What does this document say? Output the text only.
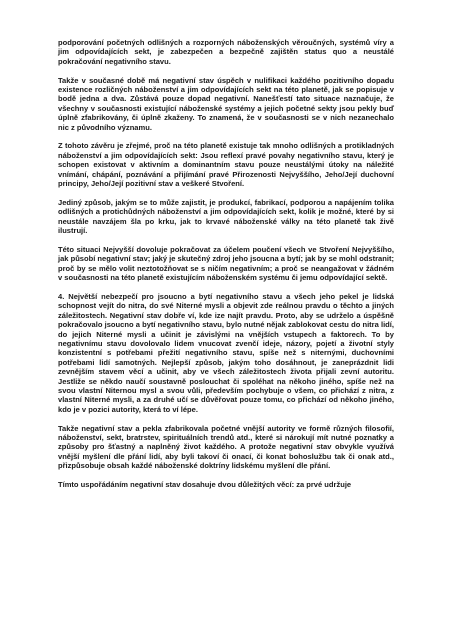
podporování početných odlišných a rozporných náboženských věroučných, systémů víry a jim odpovídajících sekt, je zabezpečen a bezpečně zajištěn status quo a neustálé pokračování negativního stavu.

Takže v současné době má negativní stav úspěch v nulifikaci každého pozitivního dopadu existence rozličných náboženství a jim odpovídajících sekt na této planetě, jak se popisuje v bodě jedna a dva. Zůstává pouze dopad negativní. Nanešťestí tato situace naznačuje, že všechny v současnosti existující náboženské systémy a jejich početné sekty jsou pekly buď úplně zfabrikovány, či úplně zkaženy. To znamená, že v současnosti se v nich nezanechalo nic z původního významu.

Z tohoto závěru je zřejmé, proč na této planetě existuje tak mnoho odlišných a protikladných náboženství a jim odpovídajících sekt: Jsou reflexí pravé povahy negativního stavu, který je schopen existovat v aktivním a dominantním stavu pouze neustálými útoky na náležité vnímání, chápání, poznávání a přijímání pravé Přirozenosti Nejvyššího, Jeho/Její duchovní principy, Jeho/Její pozitivní stav a veškeré Stvoření.

Jediný způsob, jakým se to může zajistit, je produkcí, fabrikací, podporou a napájením tolika odlišných a protichůdných náboženství a jim odpovídajících sekt, kolik je možné, které by si neustále navzájem šla po krku, jak to krvavé náboženské války na této planetě tak živě ilustrují.

Této situaci Nejvyšší dovoluje pokračovat za účelem poučení všech ve Stvoření Nejvyššího, jak působí negativní stav; jaký je skutečný zdroj jeho jsoucna a bytí; jak by se mohl odstranit; proč by se mělo volit neztotožňovat se s ničím negativním; a proč se neangažovat v žádném v současnosti na této planetě existujícím náboženském systému či jemu odpovídající sektě.

4. Největší nebezpečí pro jsoucno a bytí negativního stavu a všech jeho pekel je lidská schopnost vejít do nitra, do své Niterné mysli a objevit zde reálnou pravdu o těchto a jiných záležitostech. Negativní stav dobře ví, kde ize najít pravdu. Proto, aby se udrželo a úspěšně pokračovalo jsoucno a bytí negativního stavu, bylo nutné nějak zablokovat cestu do nitra lidí, do jejich Niterné mysli a učinit je závislými na vnějších vstupech a faktorech. To by negativnímu stavu dovolovalo lidem vnucovat zvenčí ideje, názory, pojetí a životní styly konzistentní s potřebami přežití negativního stavu, spíše než s niternými, duchovními potřebami lidí samotných. Nejlepší způsob, jakým toho dosáhnout, je zaneprázdnit lidi zevnějším stavem věcí a učinit, aby ve všech záležitostech života přijali zevní autoritu. Jestliže se někdo naučí soustavně poslouchat či spoléhat na někoho jiného, spíše než na svou vlastní Niternou mysl a svou vůli, především pochybuje o všem, co přichází z nitra, z vlastní Niterné mysli, a za druhé učí se důvěřovat pouze tomu, co přichází od někoho jiného, kdo je v pozici autority, která to ví lépe.

Takže negativní stav a pekla zfabrikovala početné vnější autority ve formě různých filosofií, náboženství, sekt, bratrstev, spirituálních trendů atd., které si nárokují mít nutné poznatky a způsoby pro šťastný a naplněný život každého. A protože negativní stav obvykle využívá vnější myšlení dle přání lidí, aby byli takoví či onací, či konat bohoslužbu tak či onak atd., přizpůsobuje obsah každé náboženské doktríny lidskému myšlení dle přání.

Tímto uspořádáním negativní stav dosahuje dvou důležitých věcí: za prvé udržuje
